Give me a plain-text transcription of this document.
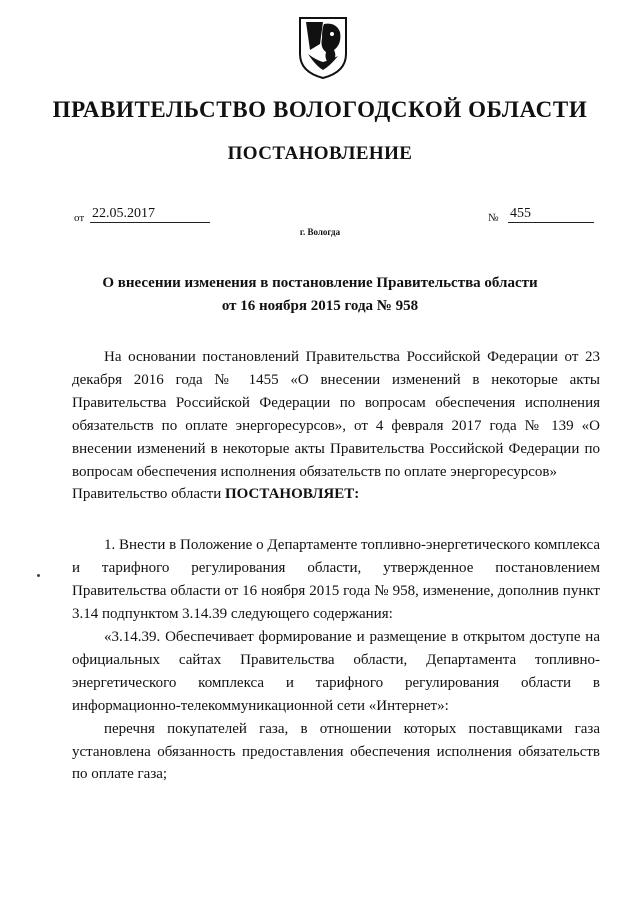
ПРАВИТЕЛЬСТВО ВОЛОГОДСКОЙ ОБЛАСТИ
ПОСТАНОВЛЕНИЕ
от 22.05.2017	№ 455
г. Вологда
О внесении изменения в постановление Правительства области
от 16 ноября 2015 года № 958

На основании постановлений Правительства Российской Федерации от 23 декабря 2016 года № 1455 «О внесении изменений в некоторые акты Правительства Российской Федерации по вопросам обеспечения исполнения обязательств по оплате энергоресурсов», от 4 февраля 2017 года № 139 «О внесении изменений в некоторые акты Правительства Российской Федерации по вопросам обеспечения исполнения обязательств по оплате энергоресурсов»

Правительство области ПОСТАНОВЛЯЕТ:

1. Внести в Положение о Департаменте топливно-энергетического комплекса и тарифного регулирования области, утвержденное постановлением Правительства области от 16 ноября 2015 года № 958, изменение, дополнив пункт 3.14 подпунктом 3.14.39 следующего содержания:

«3.14.39. Обеспечивает формирование и размещение в открытом доступе на официальных сайтах Правительства области, Департамента топливно-энергетического комплекса и тарифного регулирования области в информационно-телекоммуникационной сети «Интернет»:

перечня покупателей газа, в отношении которых поставщиками газа установлена обязанность предоставления обеспечения исполнения обязательств по оплате газа;
